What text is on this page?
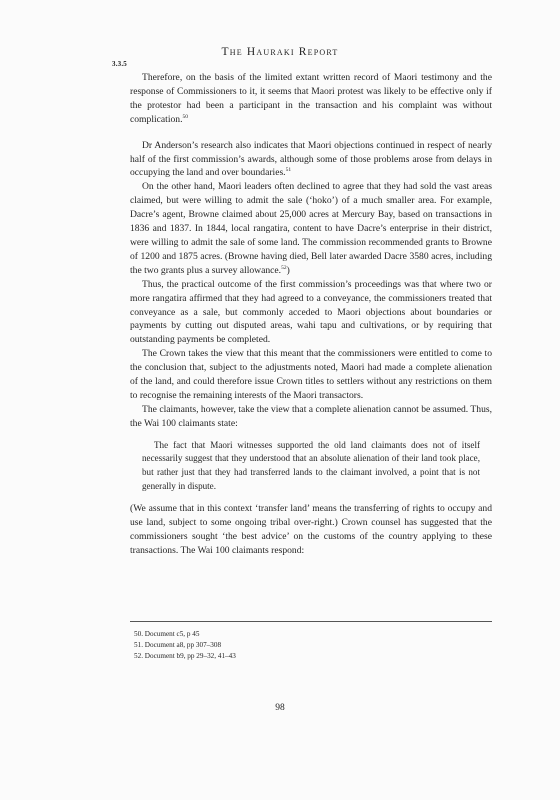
The Hauraki Report
3.3.5

Therefore, on the basis of the limited extant written record of Maori testimony and the response of Commissioners to it, it seems that Maori protest was likely to be effective only if the protestor had been a participant in the transaction and his complaint was without complication.$^{50}$

Dr Anderson’s research also indicates that Maori objections continued in respect of nearly half of the first commission’s awards, although some of those problems arose from delays in occupying the land and over boundaries.$^{51}$

On the other hand, Maori leaders often declined to agree that they had sold the vast areas claimed, but were willing to admit the sale (‘hoko’) of a much smaller area. For example, Dacre’s agent, Browne claimed about 25,000 acres at Mercury Bay, based on transactions in 1836 and 1837. In 1844, local rangatira, content to have Dacre’s enterprise in their district, were willing to admit the sale of some land. The commission recommended grants to Browne of 1200 and 1875 acres. (Browne having died, Bell later awarded Dacre 3580 acres, including the two grants plus a survey allowance.$^{52}$)

Thus, the practical outcome of the first commission’s proceedings was that where two or more rangatira affirmed that they had agreed to a conveyance, the commissioners treated that conveyance as a sale, but commonly acceded to Maori objections about boundaries or payments by cutting out disputed areas, wahi tapu and cultivations, or by requiring that outstanding payments be completed.

The Crown takes the view that this meant that the commissioners were entitled to come to the conclusion that, subject to the adjustments noted, Maori had made a complete alienation of the land, and could therefore issue Crown titles to settlers without any restrictions on them to recognise the remaining interests of the Maori transactors.

The claimants, however, take the view that a complete alienation cannot be assumed. Thus, the Wai 100 claimants state:

The fact that Maori witnesses supported the old land claimants does not of itself necessarily suggest that they understood that an absolute alienation of their land took place, but rather just that they had transferred lands to the claimant involved, a point that is not generally in dispute.

(We assume that in this context ‘transfer land’ means the transferring of rights to occupy and use land, subject to some ongoing tribal over-right.) Crown counsel has suggested that the commissioners sought ‘the best advice’ on the customs of the country applying to these transactions. The Wai 100 claimants respond:

50. Document c5, p 45
51. Document a8, pp 307–308
52. Document b9, pp 29–32, 41–43
98
